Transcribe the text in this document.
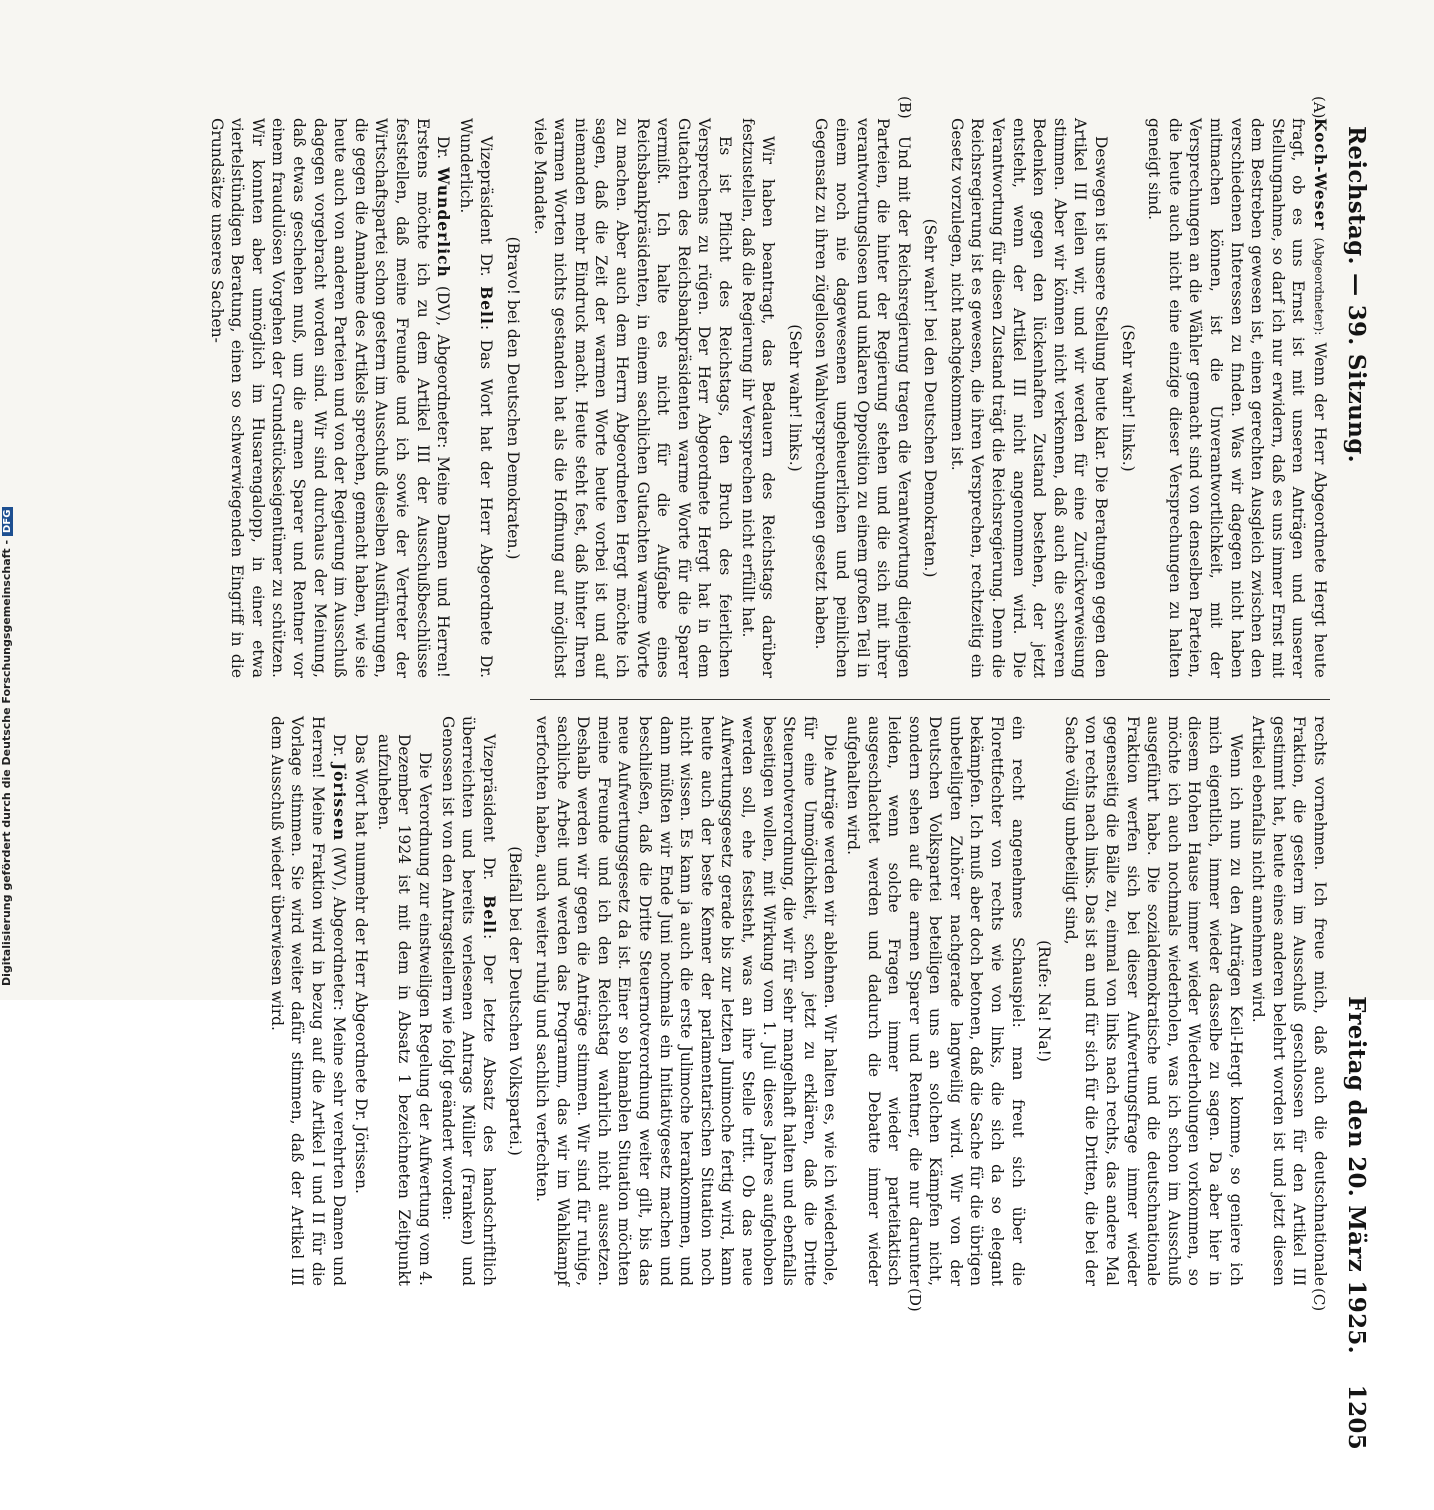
Reichstag. — 39. Sitzung.
Freitag den 20. März 1925.
1205
(A)
(B)
(C)
(D)

Koch-Weser (Abgeordneter): Wenn der Herr Abgeordnete Hergt heute fragt, ob es uns Ernst ist mit unseren Anträgen und unserer Stellungnahme, so darf ich nur erwidern, daß es uns immer Ernst mit dem Bestreben gewesen ist, einen gerechten Ausgleich zwischen den verschiedenen Interessen zu finden. Was wir dagegen nicht haben mitmachen können, ist die Unverantwortlichkeit, mit der Versprechungen an die Wähler gemacht sind von denselben Parteien, die heute auch nicht eine einzige dieser Versprechungen zu halten geneigt sind.

(Sehr wahr! links.)

Deswegen ist unsere Stellung heute klar. Die Beratungen gegen den Artikel III teilen wir, und wir werden für eine Zurückverweisung stimmen. Aber wir können nicht verkennen, daß auch die schweren Bedenken gegen den lückenhaften Zustand bestehen, der jetzt entsteht, wenn der Artikel III nicht angenommen wird. Die Verantwortung für diesen Zustand trägt die Reichsregierung. Denn die Reichsregierung ist es gewesen, die ihren Versprechen, rechtzeitig ein Gesetz vorzulegen, nicht nachgekommen ist.

(Sehr wahr! bei den Deutschen Demokraten.)

Und mit der Reichsregierung tragen die Verantwortung diejenigen Parteien, die hinter der Regierung stehen und die sich mit ihrer verantwortungslosen und unklaren Opposition zu einem großen Teil in einem noch nie dagewesenen ungeheuerlichen und peinlichen Gegensatz zu ihren zügellosen Wahlversprechungen gesetzt haben.

(Sehr wahr! links.)

Wir haben beantragt, das Bedauern des Reichstags darüber festzustellen, daß die Regierung ihr Versprechen nicht erfüllt hat.

Es ist Pflicht des Reichstags, den Bruch des feierlichen Versprechens zu rügen. Der Herr Abgeordnete Hergt hat in dem Gutachten des Reichsbankpräsidenten warme Worte für die Sparer vermißt. Ich halte es nicht für die Aufgabe eines Reichsbankpräsidenten, in einem sachlichen Gutachten warme Worte zu machen. Aber auch dem Herrn Abgeordneten Hergt möchte ich sagen, daß die Zeit der warmen Worte heute vorbei ist und auf niemanden mehr Eindruck macht. Heute steht fest, daß hinter Ihren warmen Worten nichts gestanden hat als die Hoffnung auf möglichst viele Mandate.

(Bravo! bei den Deutschen Demokraten.)

Vizepräsident Dr. Bell: Das Wort hat der Herr Abgeordnete Dr. Wunderlich.

Dr. Wunderlich (DV), Abgeordneter: Meine Damen und Herren! Erstens möchte ich zu dem Artikel III der Ausschußbeschlüsse feststellen, daß meine Freunde und ich sowie der Vertreter der Wirtschaftspartei schon gestern im Ausschuß dieselben Ausführungen, die gegen die Annahme des Artikels sprechen, gemacht haben, wie sie heute auch von anderen Parteien und von der Regierung im Ausschuß dagegen vorgebracht worden sind. Wir sind durchaus der Meinung, daß etwas geschehen muß, um die armen Sparer und Rentner vor einem fraudulösen Vorgehen der Grundstückseigentümer zu schützen. Wir konnten aber unmöglich im Husarengalopp, in einer etwa viertelstündigen Beratung, einen so schwerwiegenden Eingriff in die Grundsätze unseres Sachen-

rechts vornehmen. Ich freue mich, daß auch die deutschnationale Fraktion, die gestern im Ausschuß geschlossen für den Artikel III gestimmt hat, heute eines anderen belehrt worden ist und jetzt diesen Artikel ebenfalls nicht annehmen wird.

Wenn ich nun zu den Anträgen Keil-Hergt komme, so geniere ich mich eigentlich, immer wieder dasselbe zu sagen. Da aber hier in diesem Hohen Hause immer wieder Wiederholungen vorkommen, so möchte ich auch nochmals wiederholen, was ich schon im Ausschuß ausgeführt habe. Die sozialdemokratische und die deutschnationale Fraktion werfen sich bei dieser Aufwertungsfrage immer wieder gegenseitig die Bälle zu, einmal von links nach rechts, das andere Mal von rechts nach links. Das ist an und für sich für die Dritten, die bei der Sache völlig unbeteiligt sind,

(Rufe: Na! Na!)

ein recht angenehmes Schauspiel: man freut sich über die Florettfechter von rechts wie von links, die sich da so elegant bekämpfen. Ich muß aber doch betonen, daß die Sache für die übrigen unbeteiligten Zuhörer nachgerade langweilig wird. Wir von der Deutschen Volkspartei beteiligen uns an solchen Kämpfen nicht, sondern sehen auf die armen Sparer und Rentner, die nur darunter leiden, wenn solche Fragen immer wieder parteitaktisch ausgeschlachtet werden und dadurch die Debatte immer wieder aufgehalten wird.

Die Anträge werden wir ablehnen. Wir halten es, wie ich wiederhole, für eine Unmöglichkeit, schon jetzt zu erklären, daß die Dritte Steuernotverordnung, die wir für sehr mangelhaft halten und ebenfalls beseitigen wollen, mit Wirkung vom 1. Juli dieses Jahres aufgehoben werden soll, ehe feststeht, was an ihre Stelle tritt. Ob das neue Aufwertungsgesetz gerade bis zur letzten Junimoche fertig wird, kann heute auch der beste Kenner der parlamentarischen Situation noch nicht wissen. Es kann ja auch die erste Julimoche herankommen, und dann müßten wir Ende Juni nochmals ein Initiativgesetz machen und beschließen, daß die Dritte Steuernotverordnung weiter gilt, bis das neue Aufwertungsgesetz da ist. Einer so blamablen Situation möchten meine Freunde und ich den Reichstag wahrlich nicht aussetzen. Deshalb werden wir gegen die Anträge stimmen. Wir sind für ruhige, sachliche Arbeit und werden das Programm, das wir im Wahlkampf verfochten haben, auch weiter ruhig und sachlich verfechten.

(Beifall bei der Deutschen Volkspartei.)

Vizepräsident Dr. Bell: Der letzte Absatz des handschriftlich überreichten und bereits verlesenen Antrags Müller (Franken) und Genossen ist von den Antragstellern wie folgt geändert worden:

Die Verordnung zur einstweiligen Regelung der Aufwertung vom 4. Dezember 1924 ist mit dem in Absatz 1 bezeichneten Zeitpunkt aufzuheben.

Das Wort hat nunmehr der Herr Abgeordnete Dr. Jörissen.

Dr. Jörissen (WV), Abgeordneter: Meine sehr verehrten Damen und Herren! Meine Fraktion wird in bezug auf die Artikel I und II für die Vorlage stimmen. Sie wird weiter dafür stimmen, daß der Artikel III dem Ausschuß wieder überwiesen wird.

Digitalisierung gefördert durch die Deutsche Forschungsgemeinschaft -DFG
